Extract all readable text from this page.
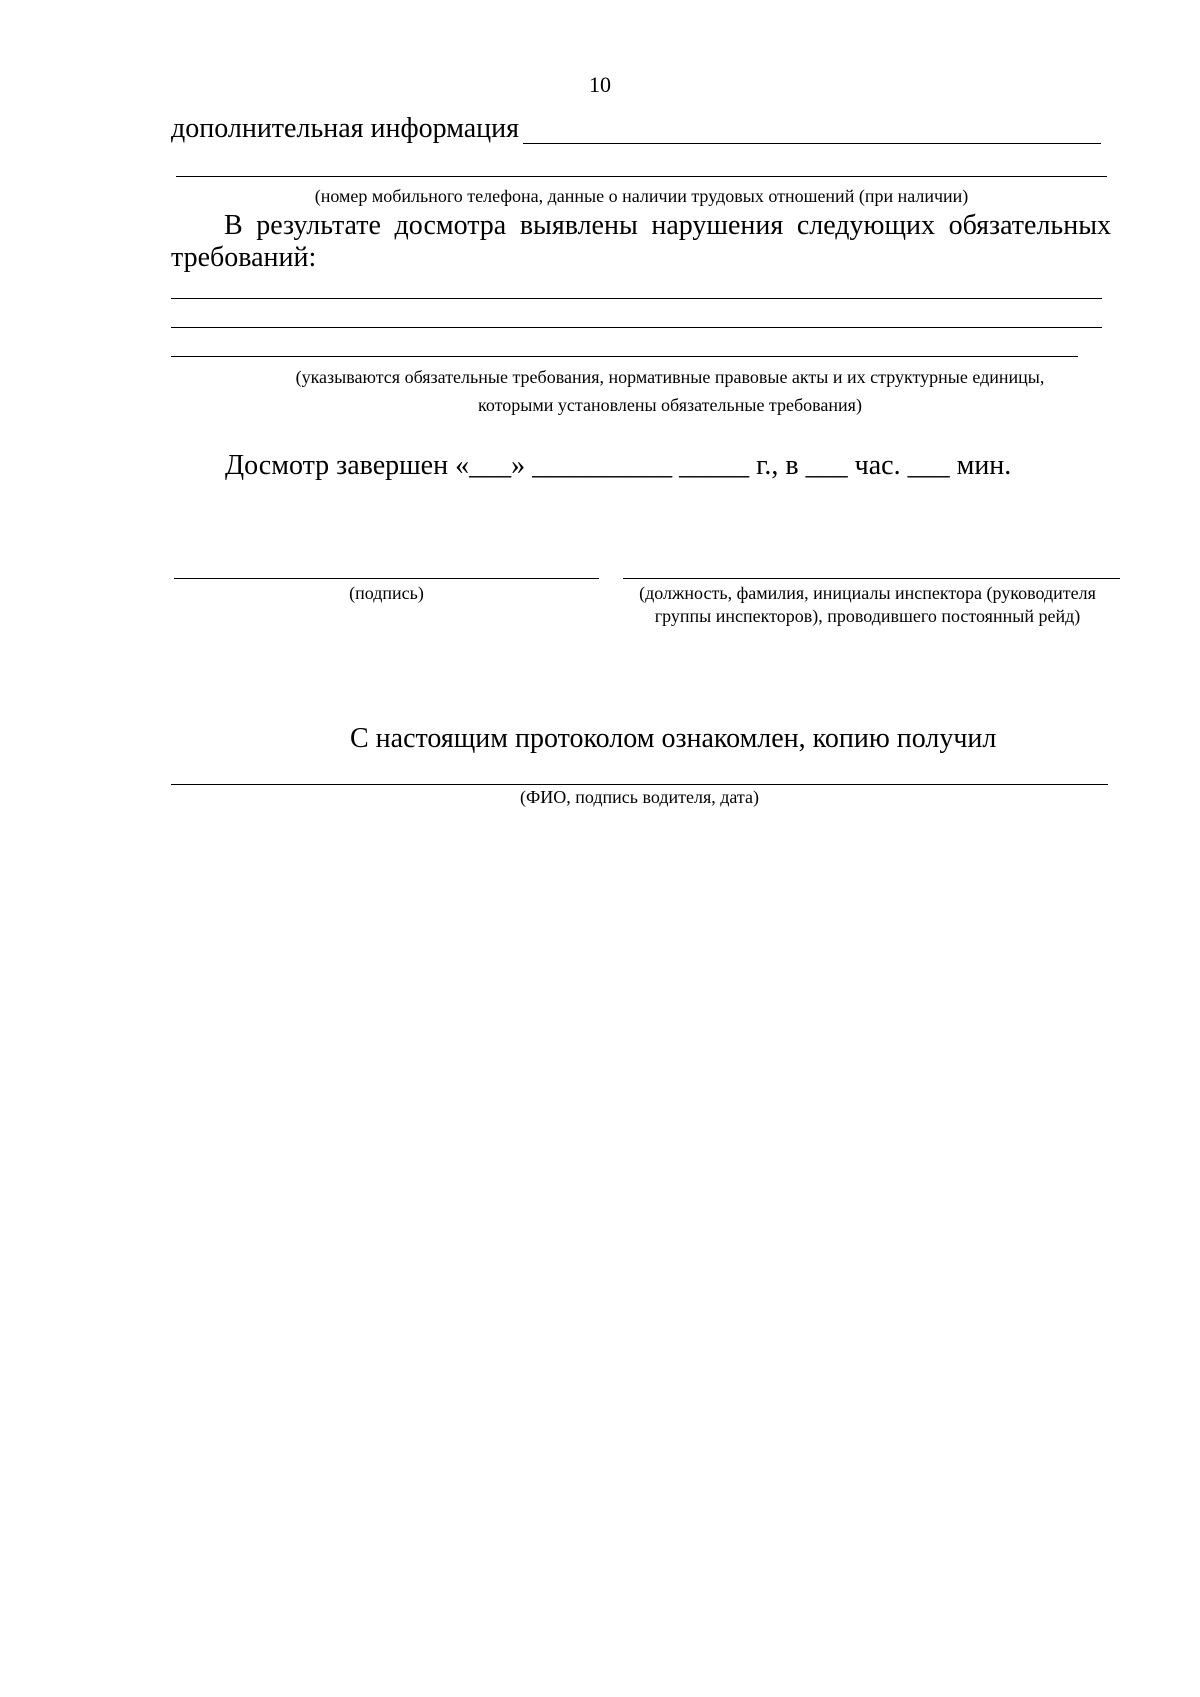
10
дополнительная информация
(номер мобильного телефона, данные о наличии трудовых отношений (при наличии)
В результате досмотра выявлены нарушения следующих обязательных требований:
(указываются обязательные требования, нормативные правовые акты и их структурные единицы,
которыми установлены обязательные требования)
Досмотр завершен «___» __________ _____ г., в ___ час. ___ мин.
(подпись)	(должность, фамилия, инициалы инспектора (руководителя
группы инспекторов), проводившего постоянный рейд)
С настоящим протоколом ознакомлен, копию получил
(ФИО, подпись водителя, дата)
